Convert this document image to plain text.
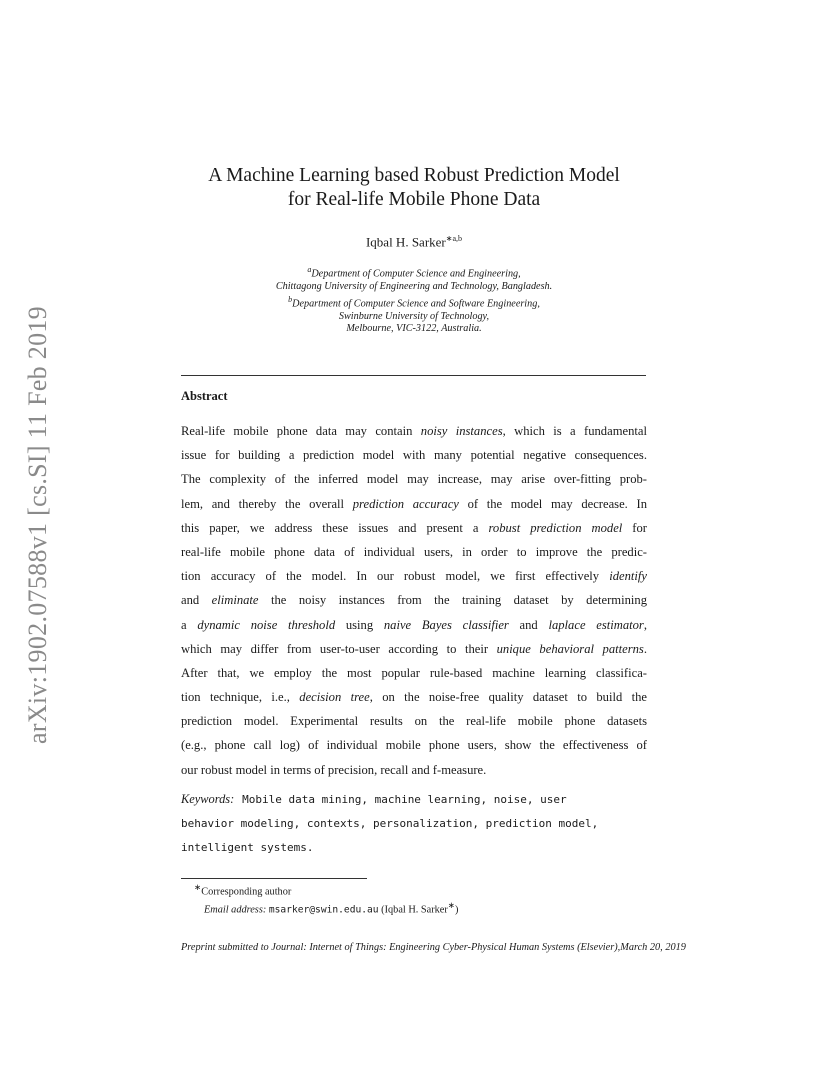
arXiv:1902.07588v1 [cs.SI] 11 Feb 2019
A Machine Learning based Robust Prediction Model
for Real-life Mobile Phone Data
Iqbal H. Sarker$^{∗a,b}$
$^a$Department of Computer Science and Engineering,
Chittagong University of Engineering and Technology, Bangladesh.
$^b$Department of Computer Science and Software Engineering,
Swinburne University of Technology,
Melbourne, VIC-3122, Australia.
Abstract
Real-life mobile phone data may contain noisy instances, which is a fundamental
issue for building a prediction model with many potential negative consequences.
The complexity of the inferred model may increase, may arise over-fitting prob-
lem, and thereby the overall prediction accuracy of the model may decrease. In
this paper, we address these issues and present a robust prediction model for
real-life mobile phone data of individual users, in order to improve the predic-
tion accuracy of the model. In our robust model, we first effectively identify
and eliminate the noisy instances from the training dataset by determining
a dynamic noise threshold using naive Bayes classifier and laplace estimator,
which may differ from user-to-user according to their unique behavioral patterns.
After that, we employ the most popular rule-based machine learning classifica-
tion technique, i.e., decision tree, on the noise-free quality dataset to build the
prediction model. Experimental results on the real-life mobile phone datasets
(e.g., phone call log) of individual mobile phone users, show the effectiveness of
our robust model in terms of precision, recall and f-measure.
Keywords: Mobile data mining, machine learning, noise, user
behavior modeling, contexts, personalization, prediction model,
intelligent systems.
∗Corresponding author
Email address: msarker@swin.edu.au (Iqbal H. Sarker∗)
Preprint submitted to Journal: Internet of Things: Engineering Cyber-Physical Human Systems (Elsevier),March 20, 2019
